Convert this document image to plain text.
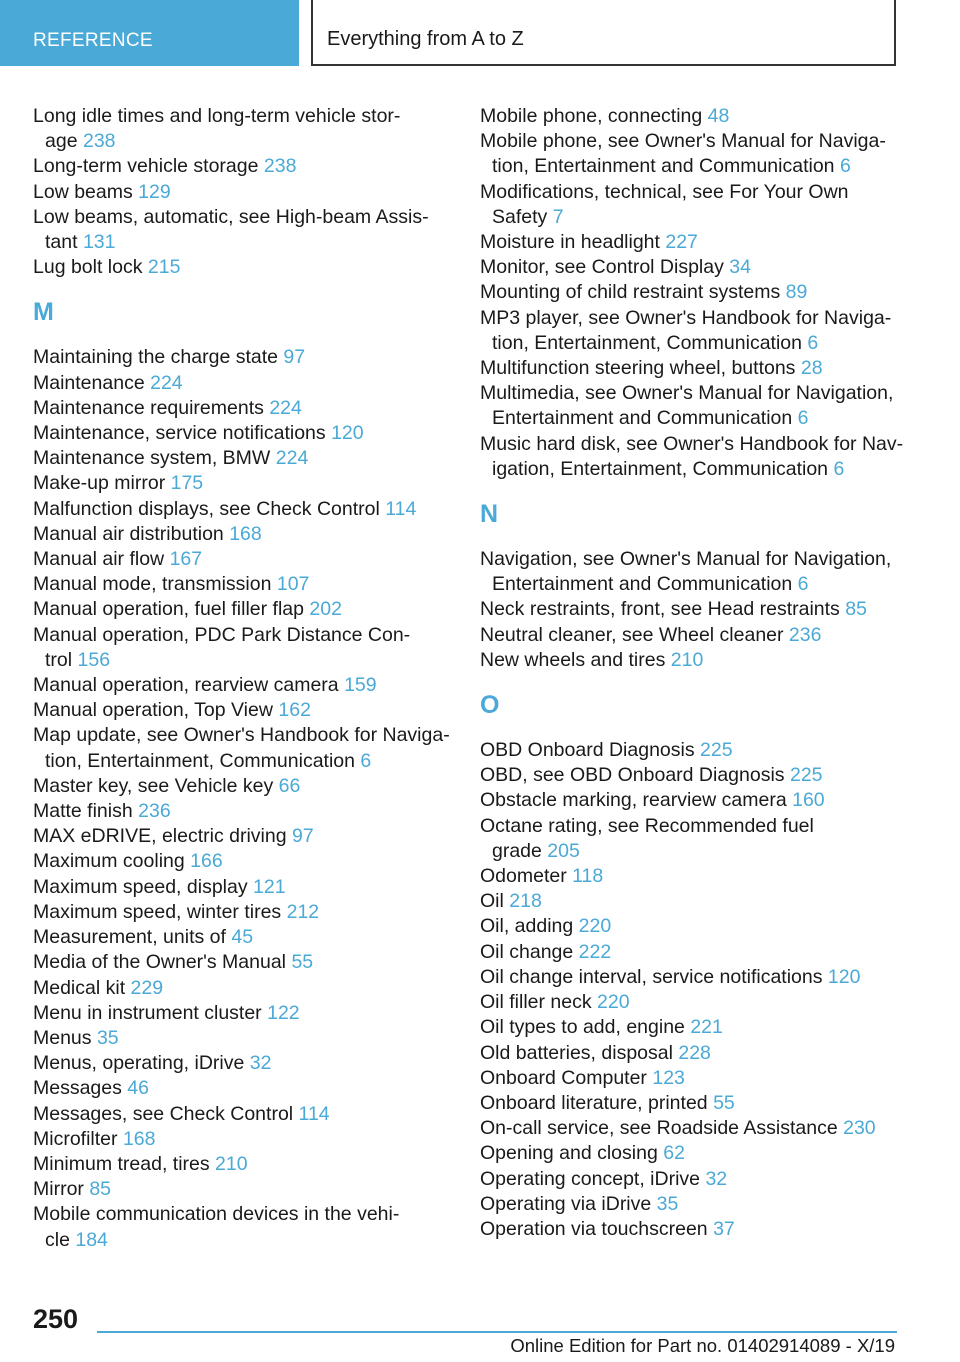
REFERENCE	Everything from A to Z
Long idle times and long-term vehicle stor-
age 238
Long-term vehicle storage 238
Low beams 129
Low beams, automatic, see High-beam Assis-
tant 131
Lug bolt lock 215
M
Maintaining the charge state 97
Maintenance 224
Maintenance requirements 224
Maintenance, service notifications 120
Maintenance system, BMW 224
Make-up mirror 175
Malfunction displays, see Check Control 114
Manual air distribution 168
Manual air flow 167
Manual mode, transmission 107
Manual operation, fuel filler flap 202
Manual operation, PDC Park Distance Con-
trol 156
Manual operation, rearview camera 159
Manual operation, Top View 162
Map update, see Owner's Handbook for Naviga-
tion, Entertainment, Communication 6
Master key, see Vehicle key 66
Matte finish 236
MAX eDRIVE, electric driving 97
Maximum cooling 166
Maximum speed, display 121
Maximum speed, winter tires 212
Measurement, units of 45
Media of the Owner's Manual 55
Medical kit 229
Menu in instrument cluster 122
Menus 35
Menus, operating, iDrive 32
Messages 46
Messages, see Check Control 114
Microfilter 168
Minimum tread, tires 210
Mirror 85
Mobile communication devices in the vehi-
cle 184
Mobile phone, connecting 48
Mobile phone, see Owner's Manual for Naviga-
tion, Entertainment and Communication 6
Modifications, technical, see For Your Own
Safety 7
Moisture in headlight 227
Monitor, see Control Display 34
Mounting of child restraint systems 89
MP3 player, see Owner's Handbook for Naviga-
tion, Entertainment, Communication 6
Multifunction steering wheel, buttons 28
Multimedia, see Owner's Manual for Navigation,
Entertainment and Communication 6
Music hard disk, see Owner's Handbook for Nav-
igation, Entertainment, Communication 6
N
Navigation, see Owner's Manual for Navigation,
Entertainment and Communication 6
Neck restraints, front, see Head restraints 85
Neutral cleaner, see Wheel cleaner 236
New wheels and tires 210
O
OBD Onboard Diagnosis 225
OBD, see OBD Onboard Diagnosis 225
Obstacle marking, rearview camera 160
Octane rating, see Recommended fuel
grade 205
Odometer 118
Oil 218
Oil, adding 220
Oil change 222
Oil change interval, service notifications 120
Oil filler neck 220
Oil types to add, engine 221
Old batteries, disposal 228
Onboard Computer 123
Onboard literature, printed 55
On-call service, see Roadside Assistance 230
Opening and closing 62
Operating concept, iDrive 32
Operating via iDrive 35
Operation via touchscreen 37
250
Online Edition for Part no. 01402914089 - X/19
